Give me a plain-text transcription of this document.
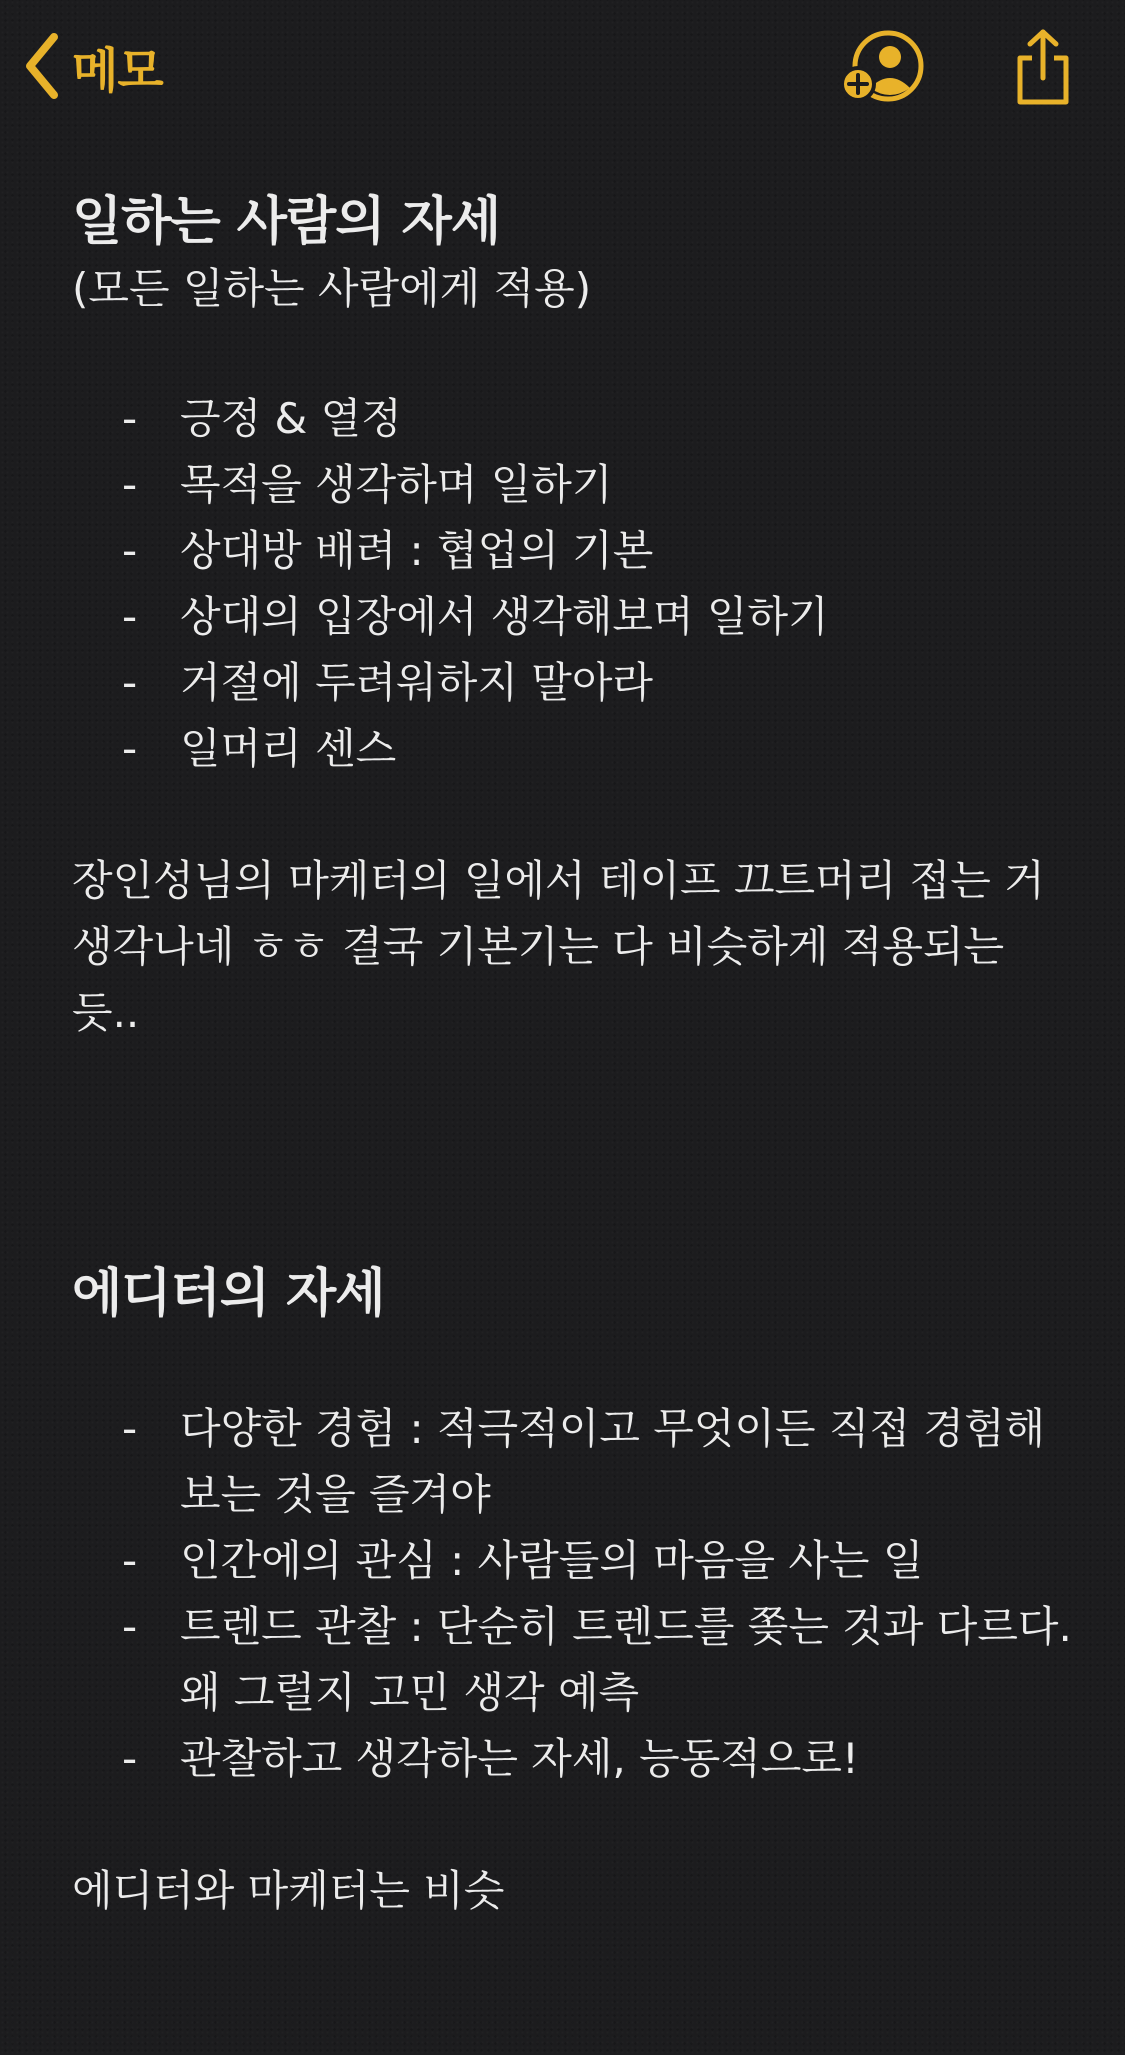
메모
일하는 사람의 자세

(모든 일하는 사람에게 적용)

- 긍정 & 열정
- 목적을 생각하며 일하기
- 상대방 배려 : 협업의 기본
- 상대의 입장에서 생각해보며 일하기
- 거절에 두려워하지 말아라
- 일머리 센스

장인성님의 마케터의 일에서 테이프 끄트머리 접는 거 생각나네 ㅎㅎ 결국 기본기는 다 비슷하게 적용되는 듯..

에디터의 자세
- 다양한 경험 : 적극적이고 무엇이든 직접 경험해보는 것을 즐겨야
- 인간에의 관심 : 사람들의 마음을 사는 일
- 트렌드 관찰 : 단순히 트렌드를 쫒는 것과 다르다. 왜 그럴지 고민 생각 예측
- 관찰하고 생각하는 자세, 능동적으로!

에디터와 마케터는 비슷
